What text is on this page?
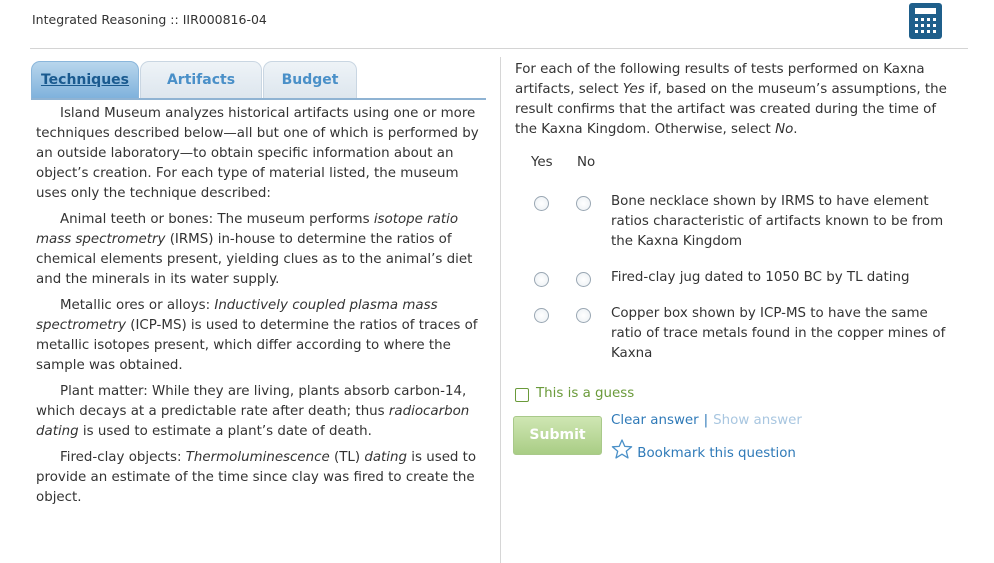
Integrated Reasoning :: IIR000816-04
Techniques	Artifacts	Budget

Island Museum analyzes historical artifacts using one or more techniques described below—all but one of which is performed by an outside laboratory—to obtain specific information about an object’s creation. For each type of material listed, the museum uses only the technique described:

Animal teeth or bones: The museum performs isotope ratio mass spectrometry (IRMS) in-house to determine the ratios of chemical elements present, yielding clues as to the animal’s diet and the minerals in its water supply.

Metallic ores or alloys: Inductively coupled plasma mass spectrometry (ICP-MS) is used to determine the ratios of traces of metallic isotopes present, which differ according to where the sample was obtained.

Plant matter: While they are living, plants absorb carbon-14, which decays at a predictable rate after death; thus radiocarbon dating is used to estimate a plant’s date of death.

Fired-clay objects: Thermoluminescence (TL) dating is used to provide an estimate of the time since clay was fired to create the object.

For each of the following results of tests performed on Kaxna artifacts, select Yes if, based on the museum’s assumptions, the result confirms that the artifact was created during the time of the Kaxna Kingdom. Otherwise, select No.
Yes No
Bone necklace shown by IRMS to have element ratios characteristic of artifacts known to be from the Kaxna Kingdom
Fired-clay jug dated to 1050 BC by TL dating
Copper box shown by ICP-MS to have the same ratio of trace metals found in the copper mines of Kaxna
This is a guess
Submit
Clear answer | Show answer
Bookmark this question
